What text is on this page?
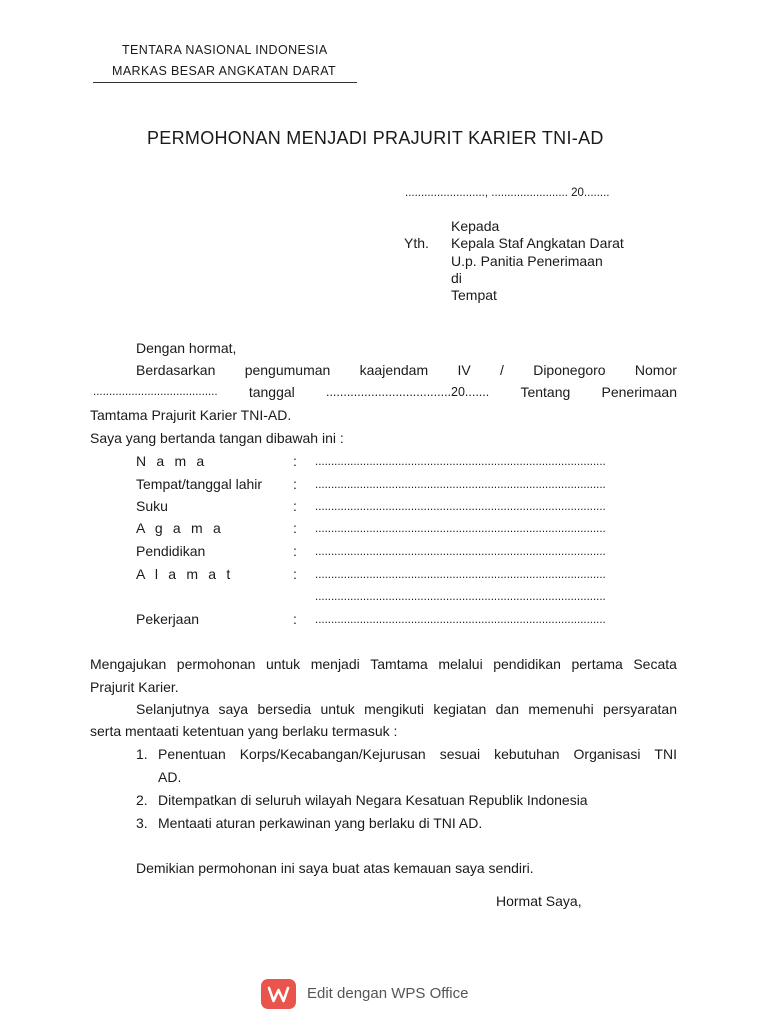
TENTARA NASIONAL INDONESIA
MARKAS BESAR ANGKATAN DARAT
PERMOHONAN MENJADI PRAJURIT KARIER TNI-AD
........................., ........................ 20........
Yth.
Kepada
Kepala Staf Angkatan Darat
U.p. Panitia Penerimaan
di
Tempat
Dengan hormat,
Berdasarkan pengumuman kaajendam IV / Diponegoro Nomor
....................................... tanggal ....................................20....... Tentang Penerimaan
Tamtama Prajurit Karier TNI-AD.
Saya yang bertanda tangan dibawah ini :
N a m a	: ...........................................................................................
Tempat/tanggal lahir : ...........................................................................................
Suku	: ...........................................................................................
A g a m a	: ...........................................................................................
Pendidikan	: ...........................................................................................
A l a m a t	: ...........................................................................................
...........................................................................................
Pekerjaan	: ...........................................................................................
Mengajukan permohonan untuk menjadi Tamtama melalui pendidikan pertama Secata
Prajurit Karier.
Selanjutnya saya bersedia untuk mengikuti kegiatan dan memenuhi persyaratan
serta mentaati ketentuan yang berlaku termasuk :
1. Penentuan Korps/Kecabangan/Kejurusan sesuai kebutuhan Organisasi TNI
AD.
2. Ditempatkan di seluruh wilayah Negara Kesatuan Republik Indonesia
3. Mentaati aturan perkawinan yang berlaku di TNI AD.
Demikian permohonan ini saya buat atas kemauan saya sendiri.
Hormat Saya,
Edit dengan WPS Office
